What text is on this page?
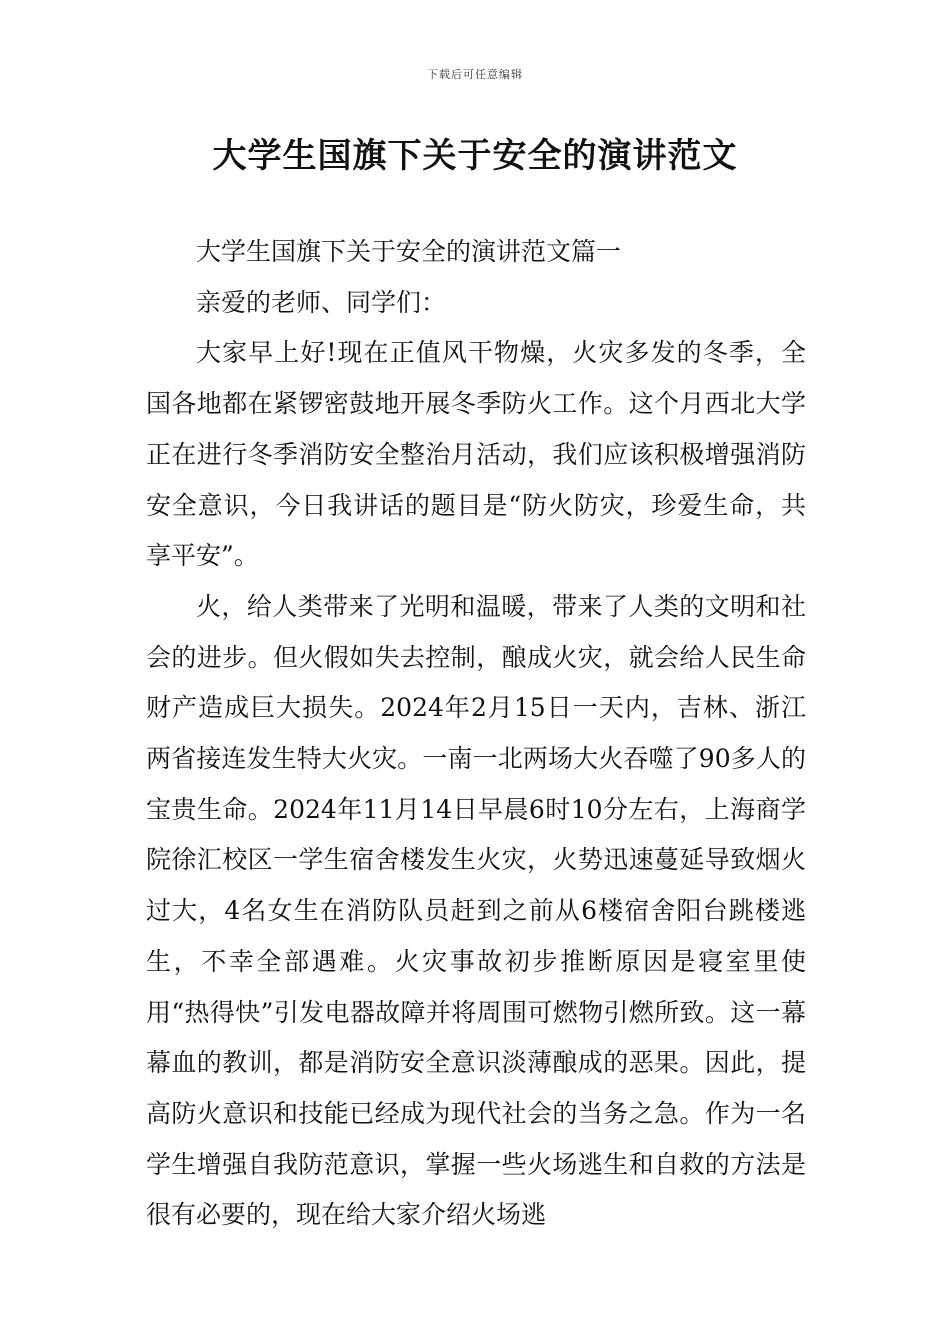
下载后可任意编辑
大学生国旗下关于安全的演讲范文

大学生国旗下关于安全的演讲范文篇一

亲爱的老师、同学们：

大家早上好!现在正值风干物燥，火灾多发的冬季，全国各地都在紧锣密鼓地开展冬季防火工作。这个月西北大学正在进行冬季消防安全整治月活动，我们应该积极增强消防安全意识，今日我讲话的题目是“防火防灾，珍爱生命，共享平安”。

火，给人类带来了光明和温暖，带来了人类的文明和社会的进步。但火假如失去控制，酿成火灾，就会给人民生命财产造成巨大损失。2024年2月15日一天内，吉林、浙江两省接连发生特大火灾。一南一北两场大火吞噬了90多人的宝贵生命。2024年11月14日早晨6时10分左右，上海商学院徐汇校区一学生宿舍楼发生火灾，火势迅速蔓延导致烟火过大，4名女生在消防队员赶到之前从6楼宿舍阳台跳楼逃生，不幸全部遇难。火灾事故初步推断原因是寝室里使用“热得快”引发电器故障并将周围可燃物引燃所致。这一幕幕血的教训，都是消防安全意识淡薄酿成的恶果。因此，提高防火意识和技能已经成为现代社会的当务之急。作为一名学生增强自我防范意识，掌握一些火场逃生和自救的方法是很有必要的，现在给大家介绍火场逃
